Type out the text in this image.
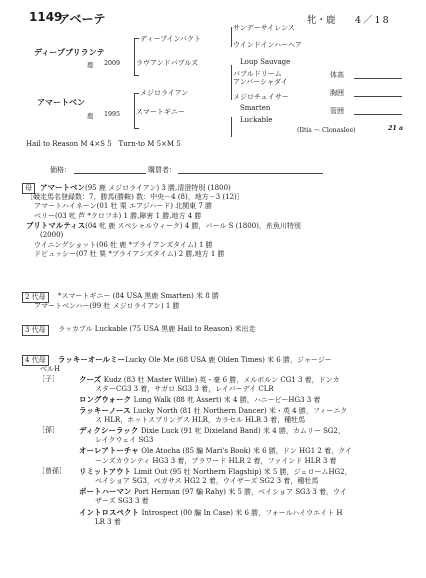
1149
アベーテ	牝・鹿 4／18
ディープブリランテ
鹿 2009
ディープインパクト
サンデーサイレンス
ウインドインハーヘア
ラヴアンドバブルズ	Loup Sauvage
バブルドリーム
アマートベン
鹿 1995
メジロライアン
アンバーシャダイ
メジロチェイサー
スマートギニー	Smarten
Luckable
体高
胸囲
管囲
(Iltis ～ Clonaslee)	21 a
Hail to Reason M 4×S 5　Turn-to M 5×M 5
価格：	購買者：
母	アマートベン(95 鹿 メジロライアン) 3 勝,清澄特別 (1800)
［競走馬名登録数：7，勝馬(勝鞍) 数：中央－4 (8)，地方－3 (12)］
アマートハイネーン(01 牡 栗 エアジハード) 北関東 7 勝
ベリー(03 牝 芦 *クロフネ) 1 勝,障害 1 勝,地方 4 勝
ブリトマルティス(04 牝 鹿 スペシャルウィーク) 4 勝，バール S (1800)，糸魚川特別
(2000)
ウイニングショット(06 牡 鹿 *ブライアンズタイム) 1 勝
ドビュッシー(07 牡 栗 *ブライアンズタイム) 2 勝,地方 1 勝
2 代母	*スマートギニー (84 USA 黒鹿 Smarten) 米 8 勝
アマートベンハー(99 牡 メジロライアン) 1 勝
3 代母	ラッカブル Luckable (75 USA 黒鹿 Hail to Reason) 米出走
4 代母	ラッキーオールミーLucky Ole Me (68 USA 鹿 Olden Times) 米 6 勝，ジャージー
ベルH
［子］	クーズ Kudz (83 牡 Master Willie) 英・豪 6 勝，メルボルン CG1 3 着，ドンカ
スターCG3 3 着，サガロ SG3 3 着，レイバーデイ CLR
ロングウォーク Long Walk (88 牝 Assert) 米 4 勝，ハニービーHG3 3 着
ラッキーノース Lucky North (81 牡 Northern Dancer) 米・英 4 勝，フィーニク
ス HLR，ホットスプリングス HLR，カラセル HLR 3 着，種牡馬
［孫］	ディクシーラック Dixie Luck (91 牝 Dixieland Band) 米 4 勝，カムリー SG2，
レイクウェイ SG3
オーレアトーチャ Ole Atocha (85 騙 Mari's Book) 米 6 勝，ドン HG1 2 着，クイ
ーンズカウンティ HG3 3 着，ブラワード HLR 2 着，ファインド HLR 3 着
［曾孫］ リミットアウト Limit Out (95 牡 Northern Flagship) 米 5 勝，ジェロームHG2，
ベイショア SG3，ペガサス HG2 2 着，ウイザーズ SG2 3 着，種牡馬
ポートハーマン Port Herman (97 騙 Rahy) 米 5 勝，ベイショア SG3 3 着，ウイ
ザーズ SG3 3 着
イントロスペクト Introspect (00 騙 In Case) 米 6 勝，フォールハイウエイト H
LR 3 着
